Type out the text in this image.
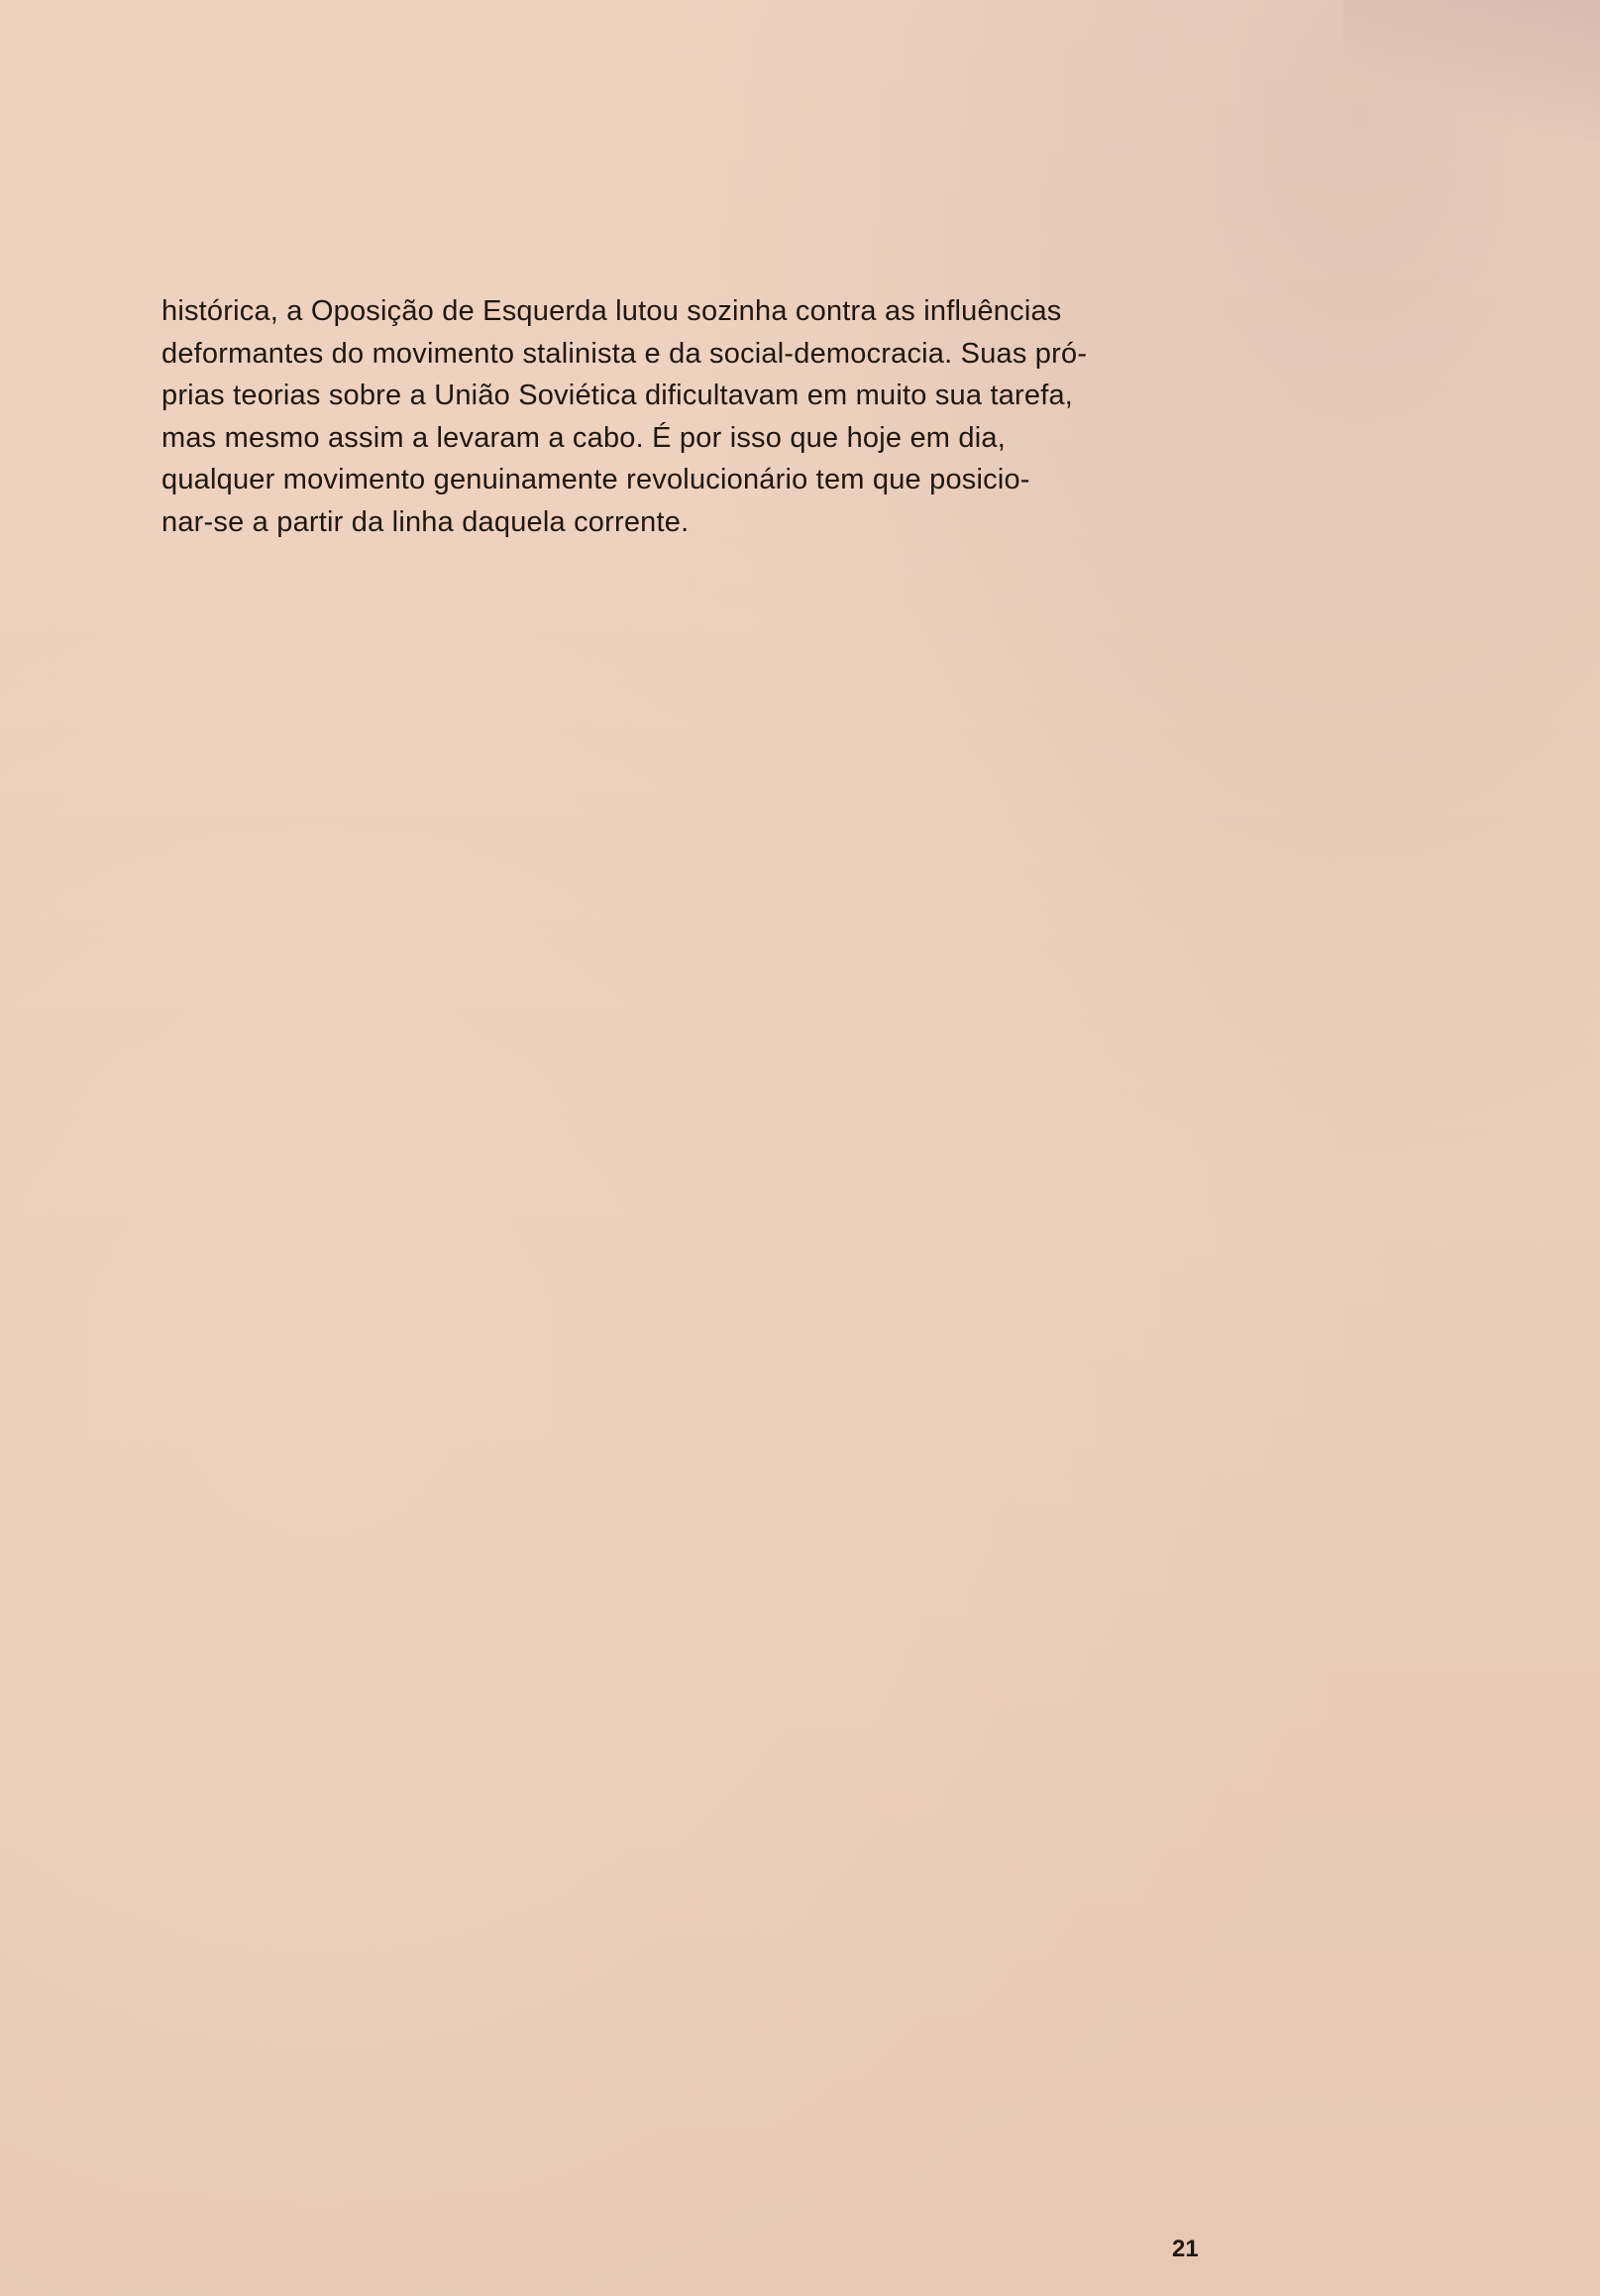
histórica, a Oposição de Esquerda lutou sozinha contra as influências
deformantes do movimento stalinista e da social-democracia. Suas pró-
prias teorias sobre a União Soviética dificultavam em muito sua tarefa,
mas mesmo assim a levaram a cabo. É por isso que hoje em dia,
qualquer movimento genuinamente revolucionário tem que posicio-
nar-se a partir da linha daquela corrente.

21
